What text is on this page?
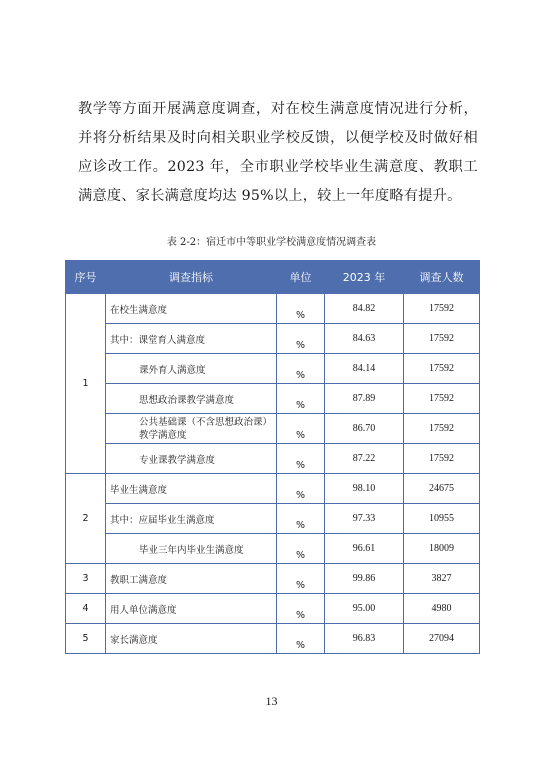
教学等方面开展满意度调查，对在校生满意度情况进行分析，并将分析结果及时向相关职业学校反馈，以便学校及时做好相应诊改工作。2023 年，全市职业学校毕业生满意度、教职工满意度、家长满意度均达 95%以上，较上一年度略有提升。

表 2-2：宿迁市中等职业学校满意度情况调查表
序号	调查指标	单位	2023 年	调查人数
1	在校生满意度	%	84.82	17592
	其中：课堂育人满意度	%	84.63	17592
	课外育人满意度	%	84.14	17592
	思想政治课教学满意度	%	87.89	17592
	公共基础课（不含思想政治课）教学满意度	%	86.70	17592
	专业课教学满意度	%	87.22	17592
2	毕业生满意度	%	98.10	24675
	其中：应届毕业生满意度	%	97.33	10955
	毕业三年内毕业生满意度	%	96.61	18009
3	教职工满意度	%	99.86	3827
4	用人单位满意度	%	95.00	4980
5	家长满意度	%	96.83	27094
13
